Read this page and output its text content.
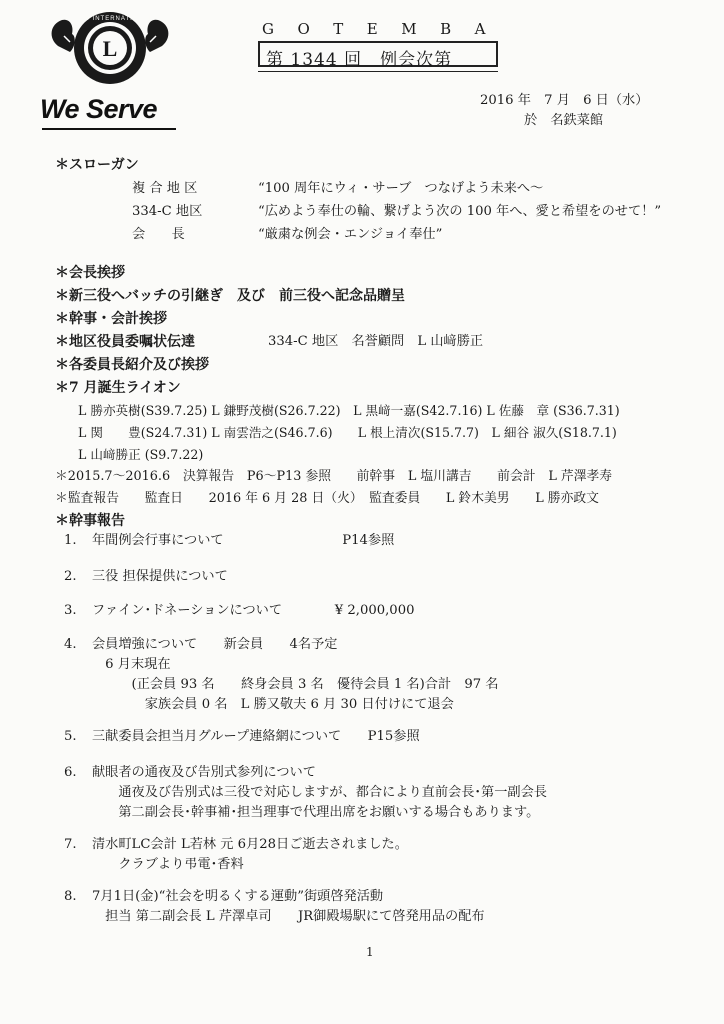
L
LIONS INTERNATIONAL
We Serve
GOTEMBA
第 1344 回　例会次第
2016 年　7 月　6 日（水）
於　名鉄菜館
＊スローガン
複 合 地 区	“100 周年にウィ・サーブ　つなげよう未来へ～
334-C 地区	“広めよう奉仕の輪、繋げよう次の 100 年へ、愛と希望をのせて！”
会　　長	“厳粛な例会・エンジョイ奉仕”
＊会長挨拶
＊新三役へバッチの引継ぎ　及び　前三役へ記念品贈呈
＊幹事・会計挨拶
＊地区役員委嘱状伝達	334-C 地区　名誉顧問　L 山﨑勝正
＊各委員長紹介及び挨拶
＊7 月誕生ライオン
L 勝亦英樹(S39.7.25) L 鎌野茂樹(S26.7.22)　L 黒﨑一嘉(S42.7.16) L 佐藤　章 (S36.7.31)
L 関　　豊(S24.7.31) L 南雲浩之(S46.7.6)　　L 根上清次(S15.7.7)　L 細谷 淑久(S18.7.1)
L 山﨑勝正 (S9.7.22)
＊2015.7～2016.6　決算報告　P6～P13 参照　　前幹事　L 塩川講吉　　前会計　L 芹澤孝寿
＊監査報告　　監査日　　2016 年 6 月 28 日（火）　監査委員　　L 鈴木美男　　L 勝亦政文
＊幹事報告
1. 年間例会行事について　　　　　　　　　P14参照
2. 三役 担保提供について
3. ファイン･ドネーションについて　　　　¥ 2,000,000
4. 会員増強について　　新会員　　4名予定
　6 月末現在
　　　(正会員 93 名　　終身会員 3 名　優待会員 1 名)合計　97 名
　　　　家族会員 0 名　L 勝又敬夫 6 月 30 日付けにて退会
5. 三献委員会担当月グループ連絡網について　　P15参照
6. 献眼者の通夜及び告別式参列について
　　通夜及び告別式は三役で対応しますが、都合により直前会長･第一副会長
　　第二副会長･幹事補･担当理事で代理出席をお願いする場合もあります。
7. 清水町LC会計 L若林 元 6月28日ご逝去されました。
　　クラブより弔電･香料
8. 7月1日(金)“社会を明るくする運動”街頭啓発活動
　担当 第二副会長 L 芹澤卓司　　JR御殿場駅にて啓発用品の配布
1
